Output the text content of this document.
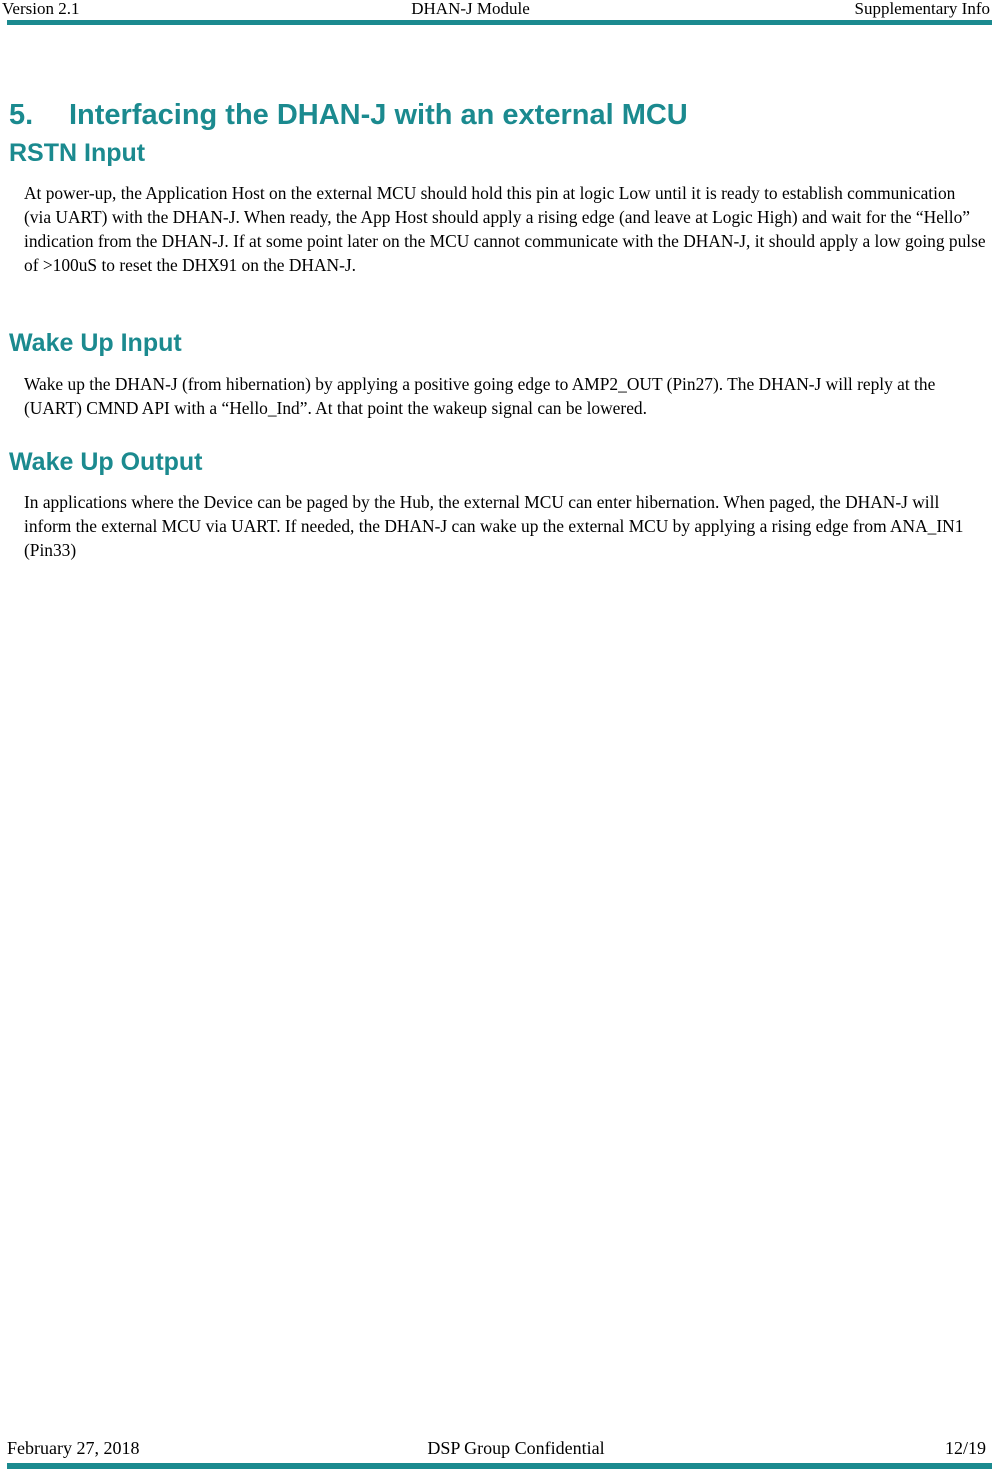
Version 2.1	DHAN-J Module	Supplementary Info
5. Interfacing the DHAN-J with an external MCU
RSTN Input

At power-up, the Application Host on the external MCU should hold this pin at logic Low until it is ready to establish communication (via UART) with the DHAN-J. When ready, the App Host should apply a rising edge (and leave at Logic High) and wait for the “Hello” indication from the DHAN-J. If at some point later on the MCU cannot communicate with the DHAN-J, it should apply a low going pulse of >100uS to reset the DHX91 on the DHAN-J.

Wake Up Input

Wake up the DHAN-J (from hibernation) by applying a positive going edge to AMP2_OUT (Pin27). The DHAN-J will reply at the (UART) CMND API with a “Hello_Ind”. At that point the wakeup signal can be lowered.

Wake Up Output

In applications where the Device can be paged by the Hub, the external MCU can enter hibernation. When paged, the DHAN-J will inform the external MCU via UART. If needed, the DHAN-J can wake up the external MCU by applying a rising edge from ANA_IN1 (Pin33)

February 27, 2018	DSP Group Confidential	12/19
